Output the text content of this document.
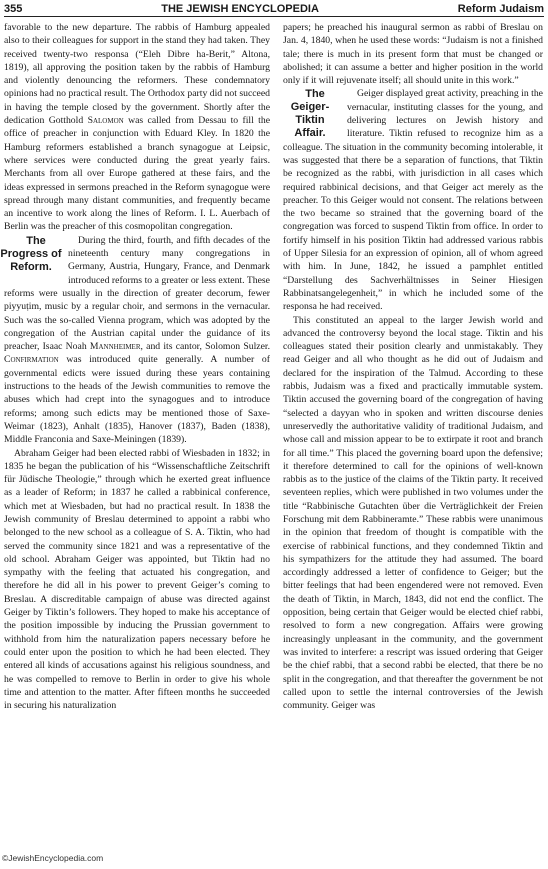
355	THE JEWISH ENCYCLOPEDIA	Reform Judaism

favorable to the new departure. The rabbis of Hamburg appealed also to their colleagues for support in the stand they had taken. They received twenty-two responsa (“Eleh Dibre ha-Berit,” Altona, 1819), all approving the position taken by the rabbis of Hamburg and violently denouncing the reformers. These condemnatory opinions had no practical result. The Orthodox party did not succeed in having the temple closed by the government. Shortly after the dedication Gotthold Salomon was called from Dessau to fill the office of preacher in conjunction with Eduard Kley. In 1820 the Hamburg reformers established a branch synagogue at Leipsic, where services were conducted during the great yearly fairs. Merchants from all over Europe gathered at these fairs, and the ideas expressed in sermons preached in the Reform synagogue were spread through many distant communities, and frequently became an incentive to work along the lines of Reform. I. L. Auerbach of Berlin was the preacher of this cosmopolitan congregation.

The Progress of Reform.
During the third, fourth, and fifth decades of the nineteenth century many congregations in Germany, Austria, Hungary, France, and Denmark introduced reforms to a greater or less extent. These reforms were usually in the direction of greater decorum, fewer piyyuṭim, music by a regular choir, and sermons in the vernacular. Such was the so-called Vienna program, which was adopted by the congregation of the Austrian capital under the guidance of its preacher, Isaac Noah Mannheimer, and its cantor, Solomon Sulzer. Confirmation was introduced quite generally. A number of governmental edicts were issued during these years containing instructions to the heads of the Jewish communities to remove the abuses which had crept into the synagogues and to introduce reforms; among such edicts may be mentioned those of Saxe-Weimar (1823), Anhalt (1835), Hanover (1837), Baden (1838), Middle Franconia and Saxe-Meiningen (1839).

Abraham Geiger had been elected rabbi of Wiesbaden in 1832; in 1835 he began the publication of his “Wissenschaftliche Zeitschrift für Jüdische Theologie,” through which he exerted great influence as a leader of Reform; in 1837 he called a rabbinical conference, which met at Wiesbaden, but had no practical result. In 1838 the Jewish community of Breslau determined to appoint a rabbi who belonged to the new school as a colleague of S. A. Tiktin, who had served the community since 1821 and was a representative of the old school. Abraham Geiger was appointed, but Tiktin had no sympathy with the feeling that actuated his congregation, and therefore he did all in his power to prevent Geiger’s coming to Breslau. A discreditable campaign of abuse was directed against Geiger by Tiktin’s followers. They hoped to make his acceptance of the position impossible by inducing the Prussian government to withhold from him the naturalization papers necessary before he could enter upon the position to which he had been elected. They entered all kinds of accusations against his religious soundness, and he was compelled to remove to Berlin in order to give his whole time and attention to the matter. After fifteen months he succeeded in securing his naturalization

papers; he preached his inaugural sermon as rabbi of Breslau on Jan. 4, 1840, when he used these words: “Judaism is not a finished tale; there is much in its present form that must be changed or abolished; it can assume a better and higher position in the world only if it will rejuvenate itself; all should unite in this work.”

The Geiger-Tiktin Affair.
Geiger displayed great activity, preaching in the vernacular, instituting classes for the young, and delivering lectures on Jewish history and literature. Tiktin refused to recognize him as a colleague. The situation in the community becoming intolerable, it was suggested that there be a separation of functions, that Tiktin be recognized as the rabbi, with jurisdiction in all cases which required rabbinical decisions, and that Geiger act merely as the preacher. To this Geiger would not consent. The relations between the two became so strained that the governing board of the congregation was forced to suspend Tiktin from office. In order to fortify himself in his position Tiktin had addressed various rabbis of Upper Silesia for an expression of opinion, all of whom agreed with him. In June, 1842, he issued a pamphlet entitled “Darstellung des Sachverhältnisses in Seiner Hiesigen Rabbinatsangelegenheit,” in which he included some of the responsa he had received.

This constituted an appeal to the larger Jewish world and advanced the controversy beyond the local stage. Tiktin and his colleagues stated their position clearly and unmistakably. They read Geiger and all who thought as he did out of Judaism and declared for the inspiration of the Talmud. According to these rabbis, Judaism was a fixed and practically immutable system. Tiktin accused the governing board of the congregation of having “selected a dayyan who in spoken and written discourse denies unreservedly the authoritative validity of traditional Judaism, and whose call and mission appear to be to extirpate it root and branch for all time.” This placed the governing board upon the defensive; it therefore determined to call for the opinions of well-known rabbis as to the justice of the claims of the Tiktin party. It received seventeen replies, which were published in two volumes under the title “Rabbinische Gutachten über die Verträglichkeit der Freien Forschung mit dem Rabbineramte.” These rabbis were unanimous in the opinion that freedom of thought is compatible with the exercise of rabbinical functions, and they condemned Tiktin and his sympathizers for the attitude they had assumed. The board accordingly addressed a letter of confidence to Geiger; but the bitter feelings that had been engendered were not removed. Even the death of Tiktin, in March, 1843, did not end the conflict. The opposition, being certain that Geiger would be elected chief rabbi, resolved to form a new congregation. Affairs were growing increasingly unpleasant in the community, and the government was invited to interfere: a rescript was issued ordering that Geiger be the chief rabbi, that a second rabbi be elected, that there be no split in the congregation, and that thereafter the government be not called upon to settle the internal controversies of the Jewish community. Geiger was

©JewishEncyclopedia.com
